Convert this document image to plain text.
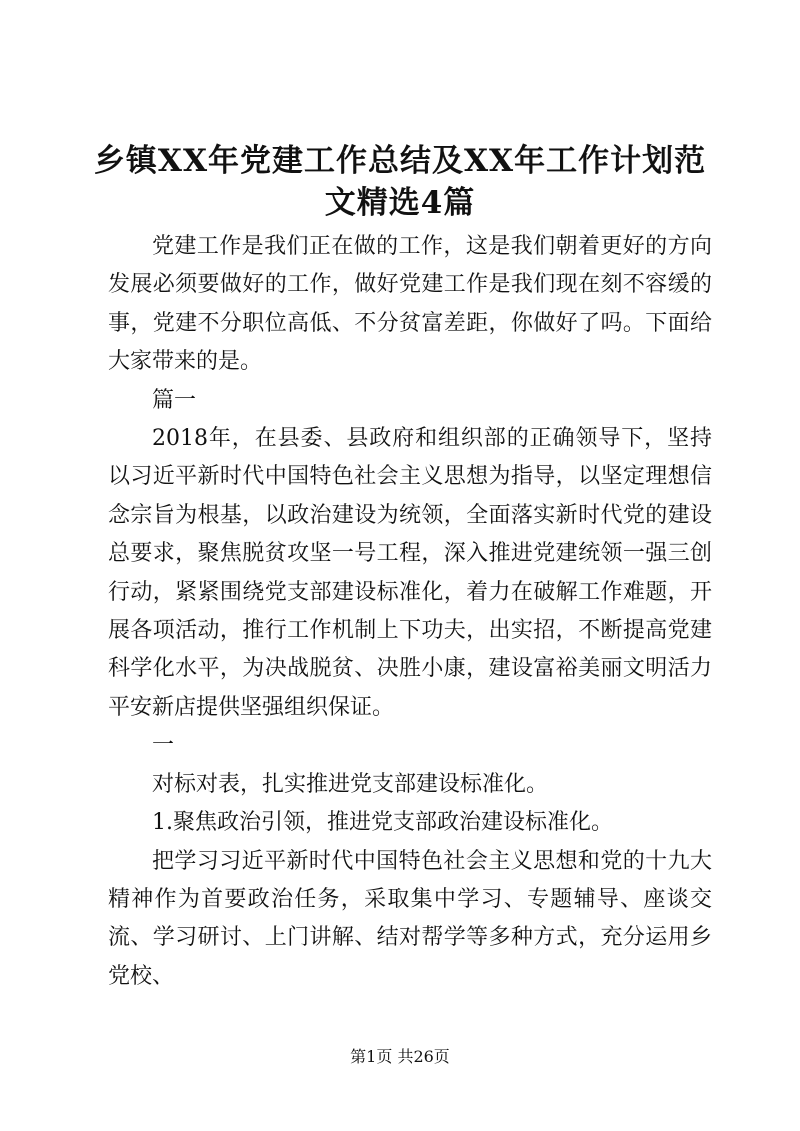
乡镇XX年党建工作总结及XX年工作计划范文精选4篇

党建工作是我们正在做的工作，这是我们朝着更好的方向发展必须要做好的工作，做好党建工作是我们现在刻不容缓的事，党建不分职位高低、不分贫富差距，你做好了吗。下面给大家带来的是。

篇一

2018年，在县委、县政府和组织部的正确领导下，坚持以习近平新时代中国特色社会主义思想为指导，以坚定理想信念宗旨为根基，以政治建设为统领，全面落实新时代党的建设总要求，聚焦脱贫攻坚一号工程，深入推进党建统领一强三创行动，紧紧围绕党支部建设标准化，着力在破解工作难题，开展各项活动，推行工作机制上下功夫，出实招，不断提高党建科学化水平，为决战脱贫、决胜小康，建设富裕美丽文明活力平安新店提供坚强组织保证。

一

对标对表，扎实推进党支部建设标准化。

1.聚焦政治引领，推进党支部政治建设标准化。

把学习习近平新时代中国特色社会主义思想和党的十九大精神作为首要政治任务，采取集中学习、专题辅导、座谈交流、学习研讨、上门讲解、结对帮学等多种方式，充分运用乡党校、

第1页 共26页
